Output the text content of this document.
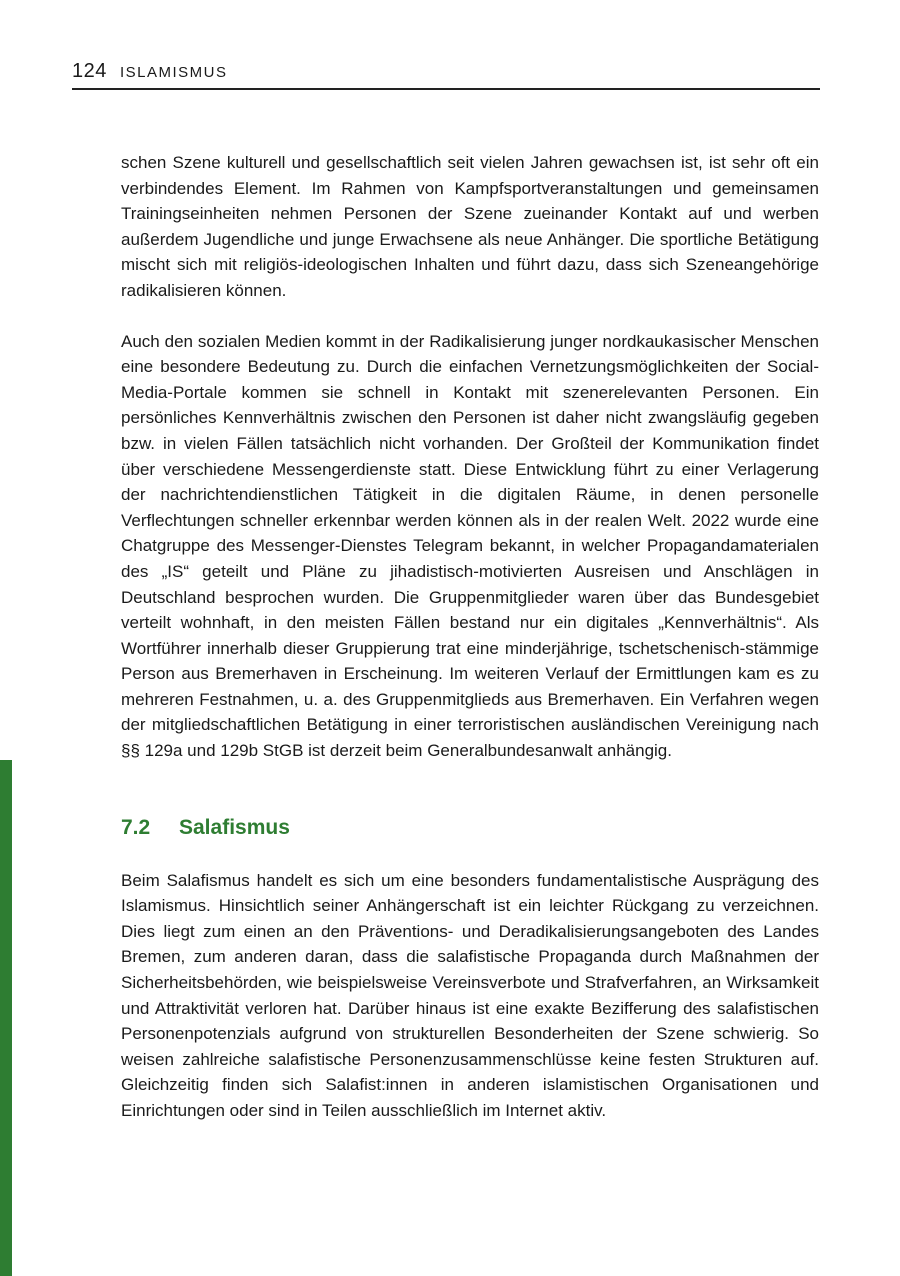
124 ISLAMISMUS

schen Szene kulturell und gesellschaftlich seit vielen Jahren gewachsen ist, ist sehr oft ein verbindendes Element. Im Rahmen von Kampfsportveranstaltungen und gemeinsamen Trainingseinheiten nehmen Personen der Szene zueinander Kontakt auf und werben außerdem Jugendliche und junge Erwachsene als neue Anhänger. Die sportliche Betätigung mischt sich mit religiös-ideologischen Inhalten und führt dazu, dass sich Szeneangehörige radikalisieren können.

Auch den sozialen Medien kommt in der Radikalisierung junger nordkaukasischer Menschen eine besondere Bedeutung zu. Durch die einfachen Vernetzungsmöglichkeiten der Social-Media-Portale kommen sie schnell in Kontakt mit szenerelevanten Personen. Ein persönliches Kennverhältnis zwischen den Personen ist daher nicht zwangsläufig gegeben bzw. in vielen Fällen tatsächlich nicht vorhanden. Der Großteil der Kommunikation findet über verschiedene Messengerdienste statt. Diese Entwicklung führt zu einer Verlagerung der nachrichtendienstlichen Tätigkeit in die digitalen Räume, in denen personelle Verflechtungen schneller erkennbar werden können als in der realen Welt. 2022 wurde eine Chatgruppe des Messenger-Dienstes Telegram bekannt, in welcher Propagandamaterialen des „IS“ geteilt und Pläne zu jihadistisch-motivierten Ausreisen und Anschlägen in Deutschland besprochen wurden. Die Gruppenmitglieder waren über das Bundesgebiet verteilt wohnhaft, in den meisten Fällen bestand nur ein digitales „Kennverhältnis“. Als Wortführer innerhalb dieser Gruppierung trat eine minderjährige, tschetschenisch-stämmige Person aus Bremerhaven in Erscheinung. Im weiteren Verlauf der Ermittlungen kam es zu mehreren Festnahmen, u. a. des Gruppenmitglieds aus Bremerhaven. Ein Verfahren wegen der mitgliedschaftlichen Betätigung in einer terroristischen ausländischen Vereinigung nach §§ 129a und 129b StGB ist derzeit beim Generalbundesanwalt anhängig.

7.2 Salafismus

Beim Salafismus handelt es sich um eine besonders fundamentalistische Ausprägung des Islamismus. Hinsichtlich seiner Anhängerschaft ist ein leichter Rückgang zu verzeichnen. Dies liegt zum einen an den Präventions- und Deradikalisierungsangeboten des Landes Bremen, zum anderen daran, dass die salafistische Propaganda durch Maßnahmen der Sicherheitsbehörden, wie beispielsweise Vereinsverbote und Strafverfahren, an Wirksamkeit und Attraktivität verloren hat. Darüber hinaus ist eine exakte Bezifferung des salafistischen Personenpotenzials aufgrund von strukturellen Besonderheiten der Szene schwierig. So weisen zahlreiche salafistische Personenzusammenschlüsse keine festen Strukturen auf. Gleichzeitig finden sich Salafist:innen in anderen islamistischen Organisationen und Einrichtungen oder sind in Teilen ausschließlich im Internet aktiv.
